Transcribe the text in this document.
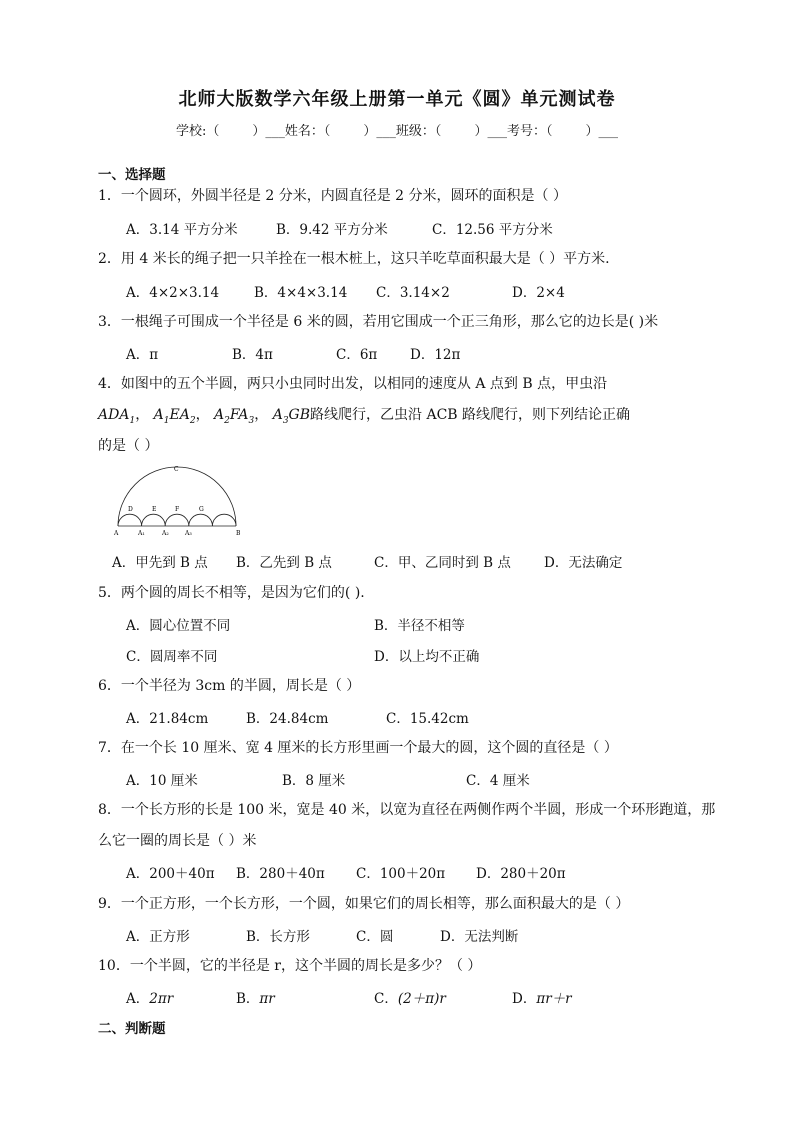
北师大版数学六年级上册第一单元《圆》单元测试卷
学校:（        ）___姓名：（        ）___班级：（        ）___考号：（        ）___
一、选择题
1．一个圆环，外圆半径是 2 分米，内圆直径是 2 分米，圆环的面积是（ ）
A．3.14 平方分米	B．9.42 平方分米	C．12.56 平方分米
2．用 4 米长的绳子把一只羊拴在一根木桩上，这只羊吃草面积最大是（ ）平方米.
A．4×2×3.14	B．4×4×3.14 C．3.14×2	D．2×4
3．一根绳子可围成一个半径是 6 米的圆，若用它围成一个正三角形，那么它的边长是( )米
A．π	B．4π	C．6π D．12π
4．如图中的五个半圆，两只小虫同时出发，以相同的速度从 A 点到 B 点，甲虫沿
$ADA_1$， $A_1EA_2$， $A_2FA_3$， $A_3GB$路线爬行，乙虫沿 ACB 路线爬行，则下列结论正确
的是（ ）
C
A	B
D	E	F	G
A₁	A₂	A₃
A．甲先到 B 点 B．乙先到 B 点	C．甲、乙同时到 B 点 D．无法确定
5．两个圆的周长不相等，是因为它们的( ).
A．圆心位置不同	B．半径不相等
C．圆周率不同	D．以上均不正确
6．一个半径为 3cm 的半圆，周长是（ ）
A．21.84cm	B．24.84cm	C．15.42cm
7．在一个长 10 厘米、宽 4 厘米的长方形里画一个最大的圆，这个圆的直径是（ ）
A．10 厘米	B．8 厘米	C．4 厘米
8．一个长方形的长是 100 米，宽是 40 米，以宽为直径在两侧作两个半圆，形成一个环形跑道，那
么它一圈的周长是（ ）米
A．200＋40π B．280＋40π C．100＋20π D．280＋20π
9．一个正方形，一个长方形，一个圆，如果它们的周长相等，那么面积最大的是（ ）
A．正方形	B．长方形	C．圆	D．无法判断
10．一个半圆，它的半径是 r，这个半圆的周长是多少？（ ）
A．2πr	B．πr	C．(2＋π)r	D．πr＋r
二、判断题
